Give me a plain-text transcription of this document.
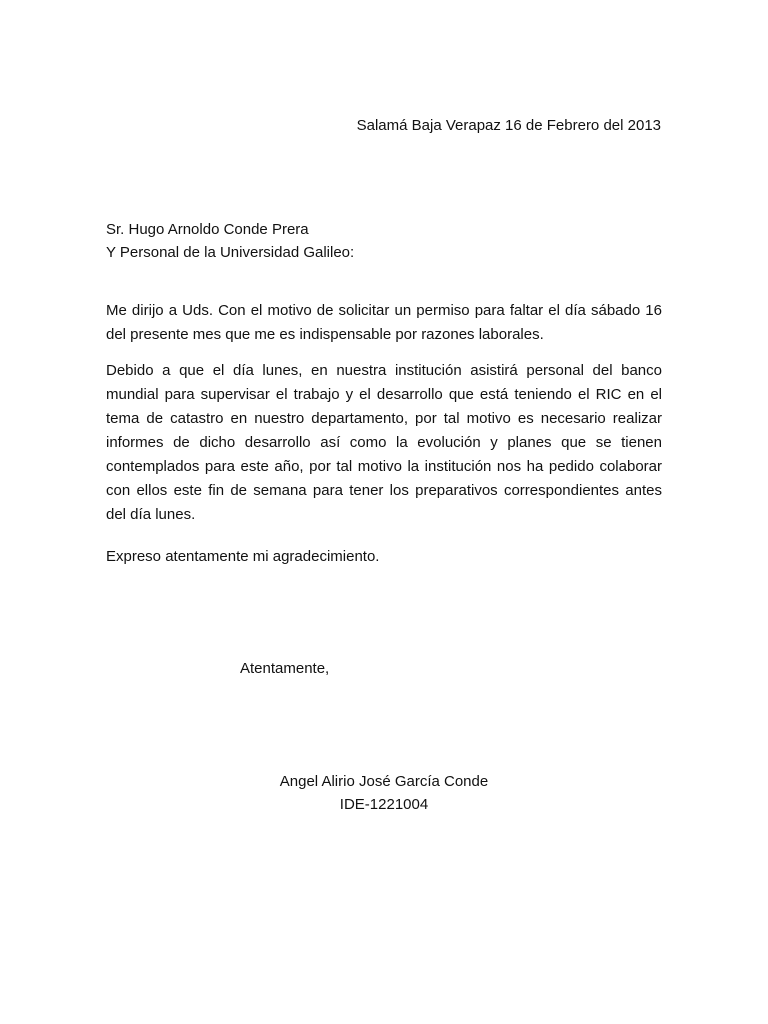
Salamá Baja Verapaz 16 de Febrero del 2013

Sr. Hugo Arnoldo Conde Prera

Y Personal de la Universidad Galileo:

Me dirijo a Uds. Con el motivo de solicitar un permiso para faltar el día sábado 16 del presente mes que me es indispensable por razones laborales.

Debido a que el día lunes, en nuestra institución asistirá personal del banco mundial para supervisar el trabajo y el desarrollo que está teniendo el RIC en el tema de catastro en nuestro departamento, por tal motivo es necesario realizar informes de dicho desarrollo así como la evolución y planes que se tienen contemplados para este año, por tal motivo la institución nos ha pedido colaborar con ellos este fin de semana para tener los preparativos correspondientes antes del día lunes.

Expreso atentamente mi agradecimiento.

Atentamente,

Angel Alirio José García Conde

IDE-1221004
